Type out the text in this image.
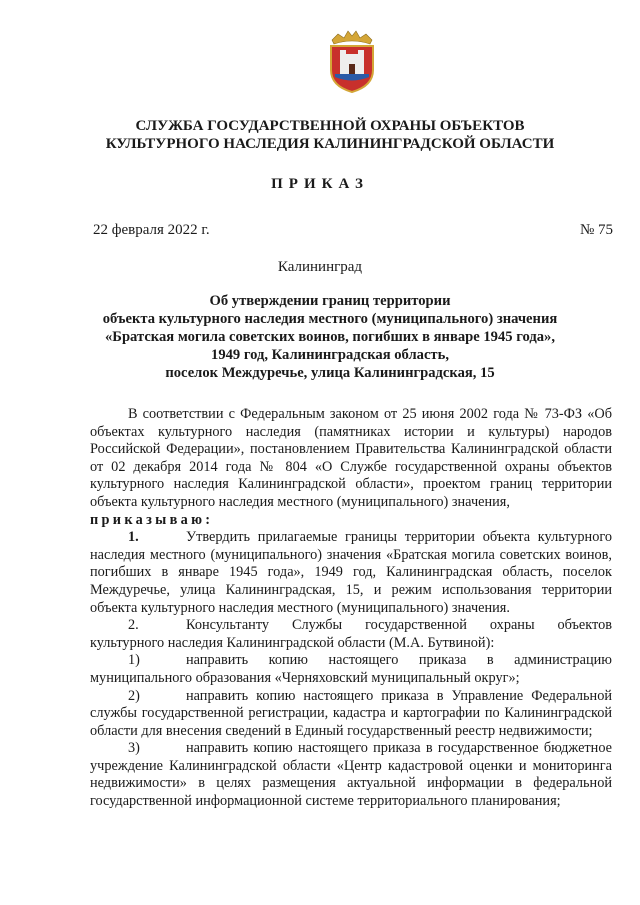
СЛУЖБА ГОСУДАРСТВЕННОЙ ОХРАНЫ ОБЪЕКТОВ
КУЛЬТУРНОГО НАСЛЕДИЯ КАЛИНИНГРАДСКОЙ ОБЛАСТИ
ПРИКАЗ
22 февраля 2022 г.	№ 75
Калининград
Об утверждении границ территории
объекта культурного наследия местного (муниципального) значения
«Братская могила советских воинов, погибших в январе 1945 года»,
1949 год, Калининградская область,
поселок Междуречье, улица Калининградская, 15

В соответствии с Федеральным законом от 25 июня 2002 года № 73-ФЗ «Об объектах культурного наследия (памятниках истории и культуры) народов Российской Федерации», постановлением Правительства Калининградской области от 02 декабря 2014 года № 804 «О Службе государственной охраны объектов культурного наследия Калининградской области», проектом границ территории объекта культурного наследия местного (муниципального) значения,

приказываю:

1.	Утвердить прилагаемые границы территории объекта культурного наследия местного (муниципального) значения «Братская могила советских воинов, погибших в январе 1945 года», 1949 год, Калининградская область, поселок Междуречье, улица Калининградская, 15, и режим использования территории объекта культурного наследия местного (муниципального) значения.

2.	Консультанту Службы государственной охраны объектов культурного наследия Калининградской области (М.А. Бутвиной):

1)	направить копию настоящего приказа в администрацию муниципального образования «Черняховский муниципальный округ»;

2)	направить копию настоящего приказа в Управление Федеральной службы государственной регистрации, кадастра и картографии по Калининградской области для внесения сведений в Единый государственный реестр недвижимости;

3)	направить копию настоящего приказа в государственное бюджетное учреждение Калининградской области «Центр кадастровой оценки и мониторинга недвижимости» в целях размещения актуальной информации в федеральной государственной информационной системе территориального планирования;
